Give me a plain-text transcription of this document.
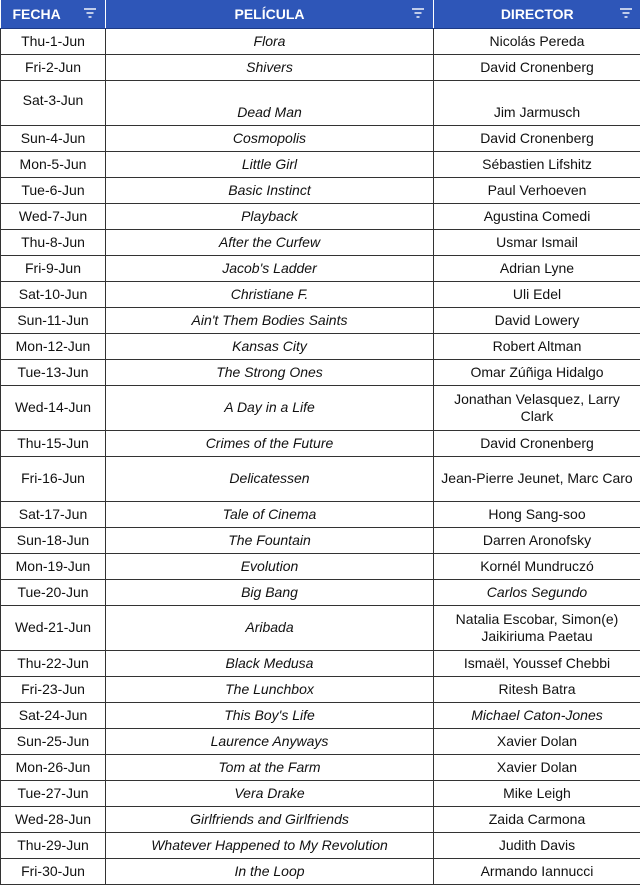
FECHA	PELÍCULA	DIRECTOR

Thu-1-Jun	Flora	Nicolás Pereda
Fri-2-Jun	Shivers	David Cronenberg
Sat-3-Jun	Dead Man	Jim Jarmusch
Sun-4-Jun	Cosmopolis	David Cronenberg
Mon-5-Jun	Little Girl	Sébastien Lifshitz
Tue-6-Jun	Basic Instinct	Paul Verhoeven
Wed-7-Jun	Playback	Agustina Comedi
Thu-8-Jun	After the Curfew	Usmar Ismail
Fri-9-Jun	Jacob's Ladder	Adrian Lyne
Sat-10-Jun	Christiane F.	Uli Edel
Sun-11-Jun	Ain't Them Bodies Saints	David Lowery
Mon-12-Jun	Kansas City	Robert Altman
Tue-13-Jun	The Strong Ones	Omar Zúñiga Hidalgo
Wed-14-Jun	A Day in a Life	Jonathan Velasquez, Larry Clark
Thu-15-Jun	Crimes of the Future	David Cronenberg
Fri-16-Jun	Delicatessen	Jean-Pierre Jeunet, Marc Caro
Sat-17-Jun	Tale of Cinema	Hong Sang-soo
Sun-18-Jun	The Fountain	Darren Aronofsky
Mon-19-Jun	Evolution	Kornél Mundruczó
Tue-20-Jun	Big Bang	Carlos Segundo
Wed-21-Jun	Aribada	Natalia Escobar, Simon(e) Jaikiriuma Paetau
Thu-22-Jun	Black Medusa	Ismaël, Youssef Chebbi
Fri-23-Jun	The Lunchbox	Ritesh Batra
Sat-24-Jun	This Boy's Life	Michael Caton-Jones
Sun-25-Jun	Laurence Anyways	Xavier Dolan
Mon-26-Jun	Tom at the Farm	Xavier Dolan
Tue-27-Jun	Vera Drake	Mike Leigh
Wed-28-Jun	Girlfriends and Girlfriends	Zaida Carmona
Thu-29-Jun	Whatever Happened to My Revolution	Judith Davis
Fri-30-Jun	In the Loop	Armando Iannucci
